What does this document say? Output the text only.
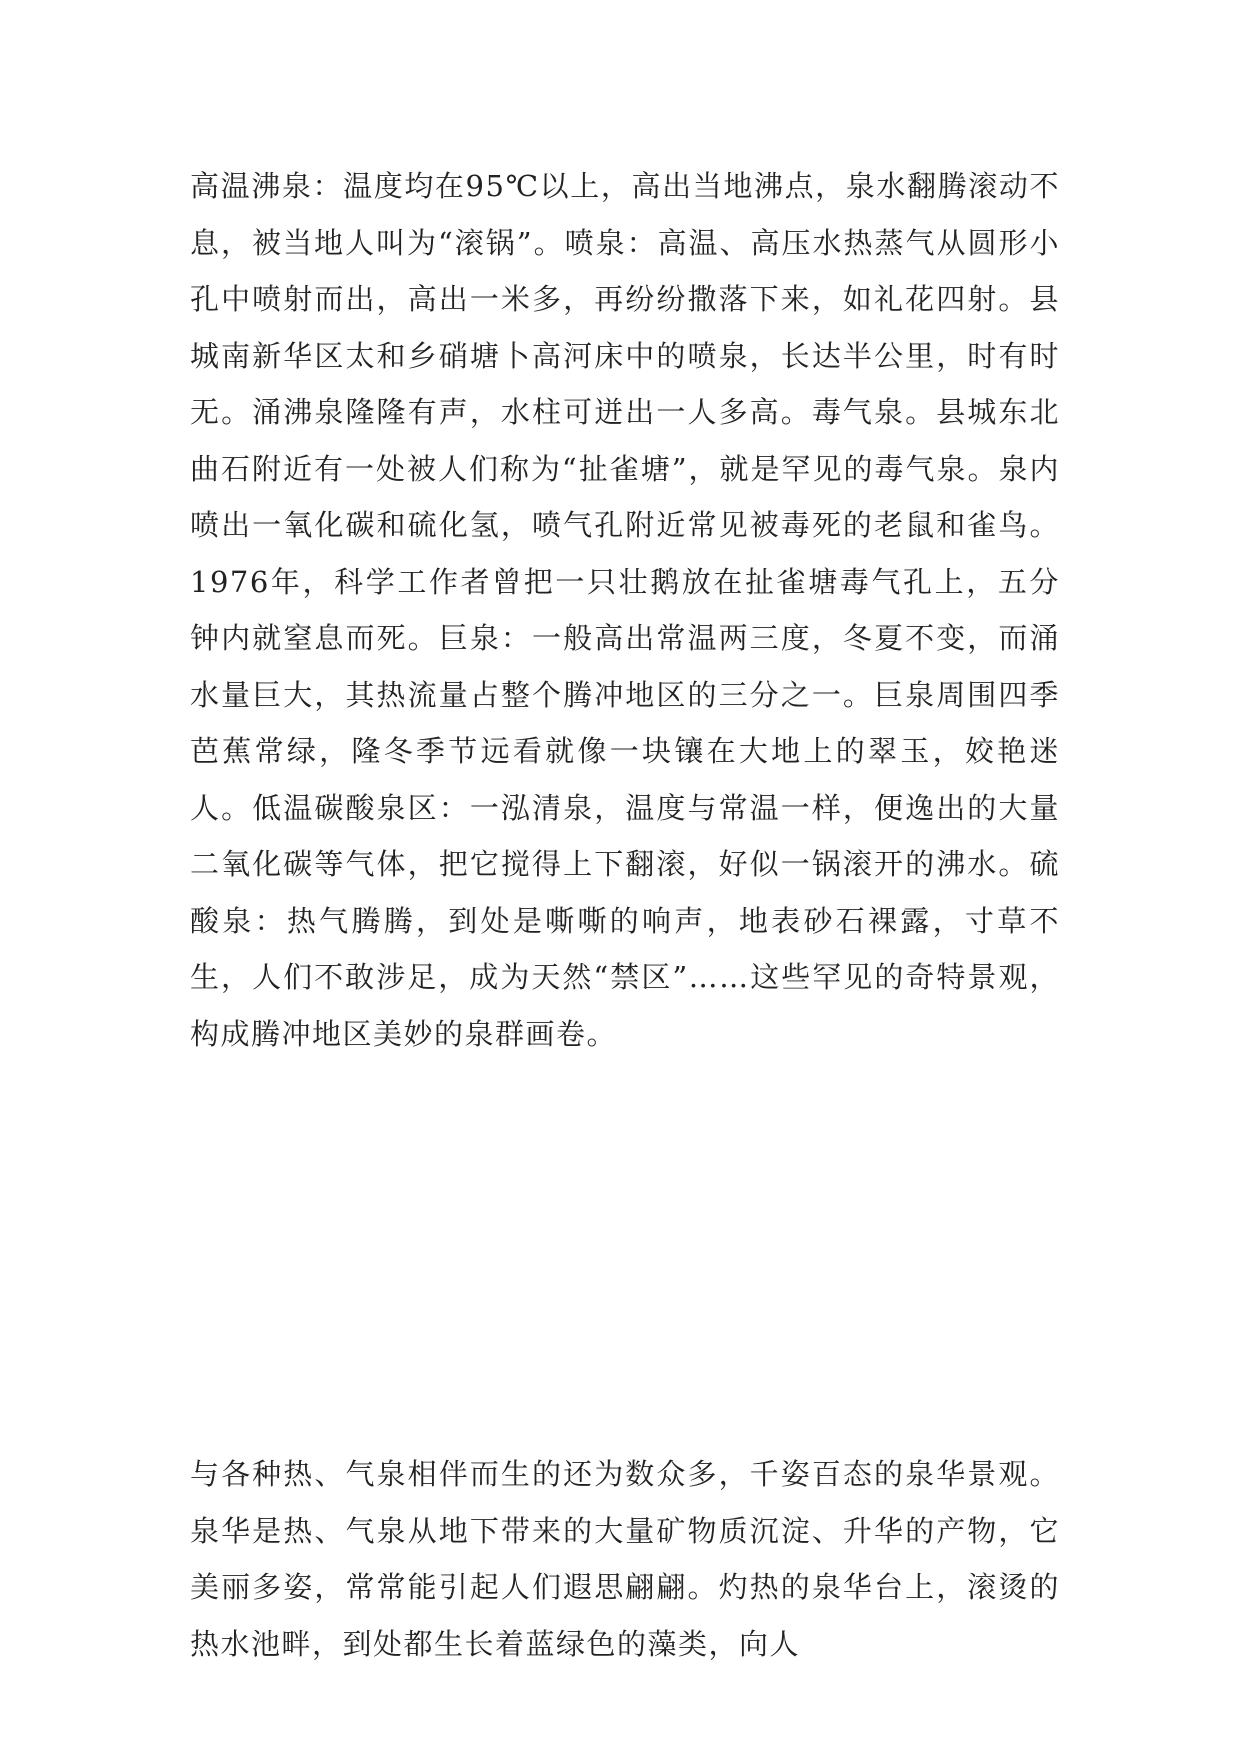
高温沸泉：温度均在95℃以上，高出当地沸点，泉水翻腾滚动不息，被当地人叫为“滚锅”。喷泉：高温、高压水热蒸气从圆形小孔中喷射而出，高出一米多，再纷纷撒落下来，如礼花四射。县城南新华区太和乡硝塘卜高河床中的喷泉，长达半公里，时有时无。涌沸泉隆隆有声，水柱可迸出一人多高。毒气泉。县城东北曲石附近有一处被人们称为“扯雀塘”，就是罕见的毒气泉。泉内喷出一氧化碳和硫化氢，喷气孔附近常见被毒死的老鼠和雀鸟。1976年，科学工作者曾把一只壮鹅放在扯雀塘毒气孔上，五分钟内就窒息而死。巨泉：一般高出常温两三度，冬夏不变，而涌水量巨大，其热流量占整个腾冲地区的三分之一。巨泉周围四季芭蕉常绿，隆冬季节远看就像一块镶在大地上的翠玉，姣艳迷人。低温碳酸泉区：一泓清泉，温度与常温一样，便逸出的大量二氧化碳等气体，把它搅得上下翻滚，好似一锅滚开的沸水。硫酸泉：热气腾腾，到处是嘶嘶的响声，地表砂石裸露，寸草不生，人们不敢涉足，成为天然“禁区”……这些罕见的奇特景观，构成腾冲地区美妙的泉群画卷。

与各种热、气泉相伴而生的还为数众多，千姿百态的泉华景观。泉华是热、气泉从地下带来的大量矿物质沉淀、升华的产物，它美丽多姿，常常能引起人们遐思翩翩。灼热的泉华台上，滚烫的热水池畔，到处都生长着蓝绿色的藻类，向人
